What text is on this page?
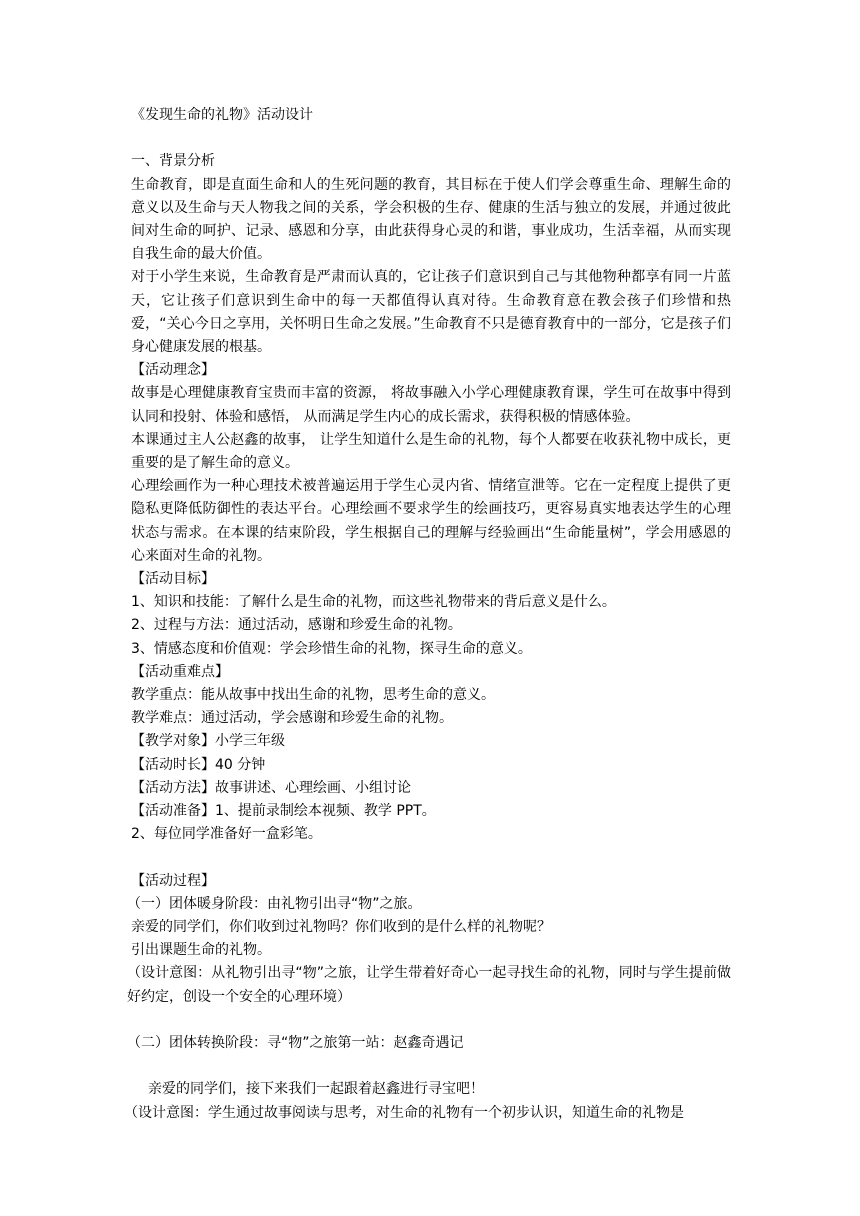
《发现生命的礼物》活动设计
一、背景分析
生命教育，即是直面生命和人的生死问题的教育，其目标在于使人们学会尊重生命、理解生命的意义以及生命与天人物我之间的关系，学会积极的生存、健康的生活与独立的发展，并通过彼此间对生命的呵护、记录、感恩和分享，由此获得身心灵的和谐，事业成功，生活幸福，从而实现自我生命的最大价值。
对于小学生来说，生命教育是严肃而认真的，它让孩子们意识到自己与其他物种都享有同一片蓝天，它让孩子们意识到生命中的每一天都值得认真对待。生命教育意在教会孩子们珍惜和热爱，“关心今日之享用，关怀明日生命之发展。”生命教育不只是德育教育中的一部分，它是孩子们身心健康发展的根基。
【活动理念】
故事是心理健康教育宝贵而丰富的资源， 将故事融入小学心理健康教育课，学生可在故事中得到认同和投射、体验和感悟， 从而满足学生内心的成长需求，获得积极的情感体验。
本课通过主人公赵鑫的故事， 让学生知道什么是生命的礼物，每个人都要在收获礼物中成长，更重要的是了解生命的意义。
心理绘画作为一种心理技术被普遍运用于学生心灵内省、情绪宣泄等。它在一定程度上提供了更隐私更降低防御性的表达平台。心理绘画不要求学生的绘画技巧，更容易真实地表达学生的心理状态与需求。在本课的结束阶段，学生根据自己的理解与经验画出“生命能量树”，学会用感恩的心来面对生命的礼物。
【活动目标】
1、知识和技能：了解什么是生命的礼物，而这些礼物带来的背后意义是什么。
2、过程与方法：通过活动，感谢和珍爱生命的礼物。
3、情感态度和价值观：学会珍惜生命的礼物，探寻生命的意义。
【活动重难点】
教学重点：能从故事中找出生命的礼物，思考生命的意义。
教学难点：通过活动，学会感谢和珍爱生命的礼物。
【教学对象】小学三年级
【活动时长】40 分钟
【活动方法】故事讲述、心理绘画、小组讨论
【活动准备】1、提前录制绘本视频、教学 PPT。
2、每位同学准备好一盒彩笔。
【活动过程】
（一）团体暖身阶段：由礼物引出寻“物”之旅。
亲爱的同学们，你们收到过礼物吗？你们收到的是什么样的礼物呢？
引出课题生命的礼物。
（设计意图：从礼物引出寻“物”之旅，让学生带着好奇心一起寻找生命的礼物，同时与学生提前做好约定，创设一个安全的心理环境）
（二）团体转换阶段：寻“物”之旅第一站：赵鑫奇遇记
亲爱的同学们，接下来我们一起跟着赵鑫进行寻宝吧！
（设计意图：学生通过故事阅读与思考，对生命的礼物有一个初步认识，知道生命的礼物是
